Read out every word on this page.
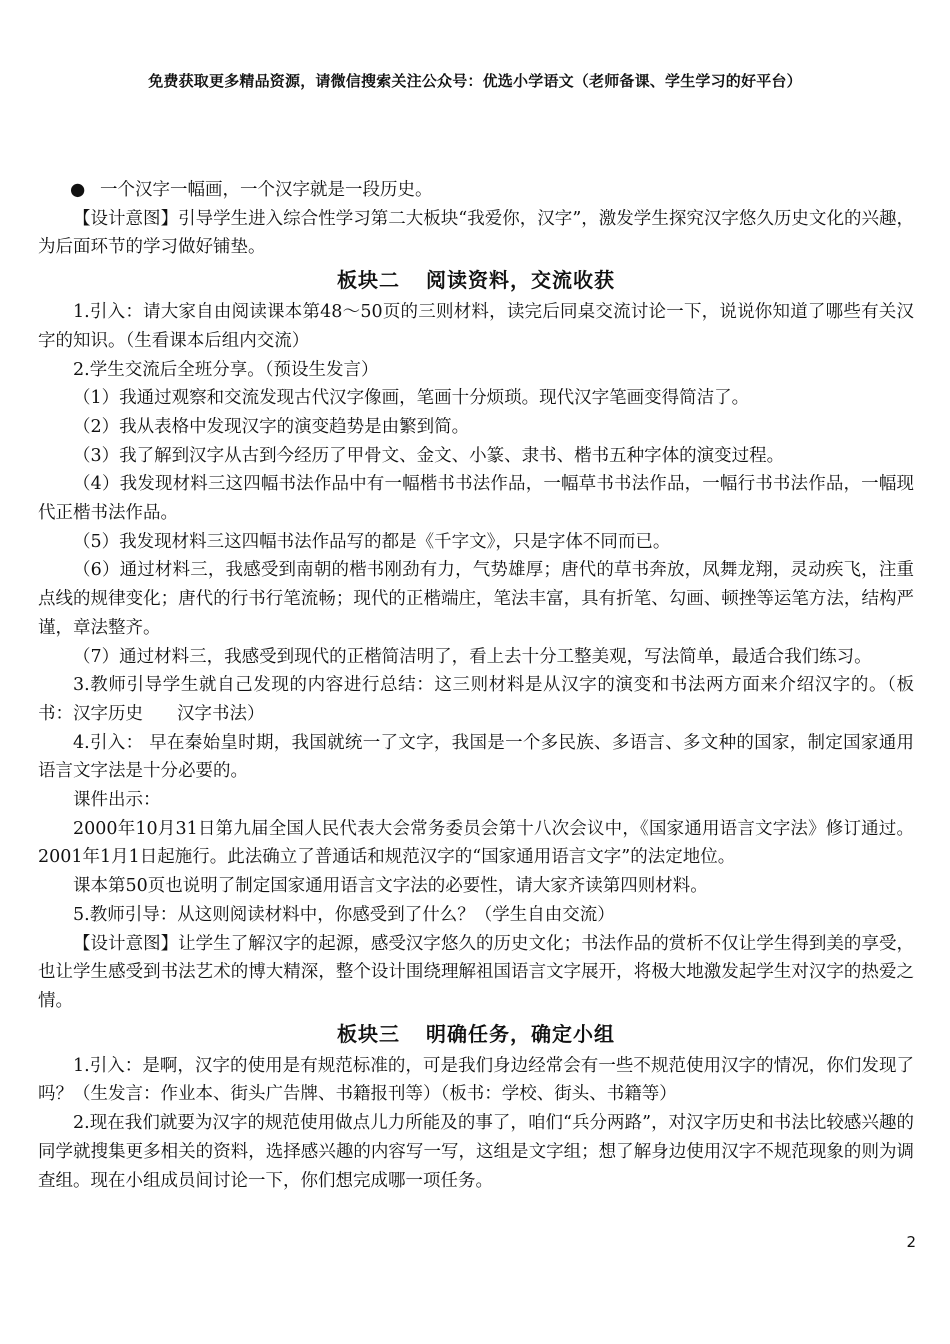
免费获取更多精品资源，请微信搜索关注公众号：优选小学语文（老师备课、学生学习的好平台）

● 一个汉字一幅画，一个汉字就是一段历史。

【设计意图】引导学生进入综合性学习第二大板块“我爱你，汉字”，激发学生探究汉字悠久历史文化的兴趣，为后面环节的学习做好铺垫。

板块二 阅读资料，交流收获

1.引入：请大家自由阅读课本第48～50页的三则材料，读完后同桌交流讨论一下，说说你知道了哪些有关汉字的知识。（生看课本后组内交流）

2.学生交流后全班分享。（预设生发言）

（1）我通过观察和交流发现古代汉字像画，笔画十分烦琐。现代汉字笔画变得简洁了。

（2）我从表格中发现汉字的演变趋势是由繁到简。

（3）我了解到汉字从古到今经历了甲骨文、金文、小篆、隶书、楷书五种字体的演变过程。

（4）我发现材料三这四幅书法作品中有一幅楷书书法作品，一幅草书书法作品，一幅行书书法作品，一幅现代正楷书法作品。

（5）我发现材料三这四幅书法作品写的都是《千字文》，只是字体不同而已。

（6）通过材料三，我感受到南朝的楷书刚劲有力，气势雄厚；唐代的草书奔放，凤舞龙翔，灵动疾飞，注重点线的规律变化；唐代的行书行笔流畅；现代的正楷端庄，笔法丰富，具有折笔、勾画、顿挫等运笔方法，结构严谨，章法整齐。

（7）通过材料三，我感受到现代的正楷简洁明了，看上去十分工整美观，写法简单，最适合我们练习。

3.教师引导学生就自己发现的内容进行总结：这三则材料是从汉字的演变和书法两方面来介绍汉字的。（板书：汉字历史 汉字书法）

4.引入： 早在秦始皇时期，我国就统一了文字，我国是一个多民族、多语言、多文种的国家，制定国家通用语言文字法是十分必要的。

课件出示：

2000年10月31日第九届全国人民代表大会常务委员会第十八次会议中，《国家通用语言文字法》修订通过。2001年1月1日起施行。此法确立了普通话和规范汉字的“国家通用语言文字”的法定地位。

课本第50页也说明了制定国家通用语言文字法的必要性，请大家齐读第四则材料。

5.教师引导：从这则阅读材料中，你感受到了什么？（学生自由交流）

【设计意图】让学生了解汉字的起源，感受汉字悠久的历史文化；书法作品的赏析不仅让学生得到美的享受，也让学生感受到书法艺术的博大精深，整个设计围绕理解祖国语言文字展开，将极大地激发起学生对汉字的热爱之情。

板块三 明确任务，确定小组

1.引入：是啊，汉字的使用是有规范标准的，可是我们身边经常会有一些不规范使用汉字的情况，你们发现了吗？（生发言：作业本、街头广告牌、书籍报刊等）（板书：学校、街头、书籍等）

2.现在我们就要为汉字的规范使用做点儿力所能及的事了，咱们“兵分两路”，对汉字历史和书法比较感兴趣的同学就搜集更多相关的资料，选择感兴趣的内容写一写，这组是文字组；想了解身边使用汉字不规范现象的则为调查组。现在小组成员间讨论一下，你们想完成哪一项任务。

2
